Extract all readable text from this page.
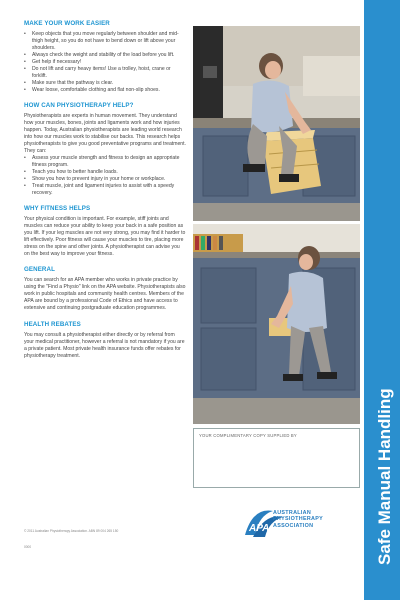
MAKE YOUR WORK EASIER
• Keep objects that you move regularly between shoulder and mid-thigh height, so you do not have to bend down or lift above your shoulders.
• Always check the weight and stability of the load before you lift.
• Get help if necessary!
• Do not lift and carry heavy items! Use a trolley, hoist, crane or forklift.
• Make sure that the pathway is clear.
• Wear loose, comfortable clothing and flat non-slip shoes.
HOW CAN PHYSIOTHERAPY HELP?

Physiotherapists are experts in human movement. They understand how your muscles, bones, joints and ligaments work and how injuries happen. Today, Australian physiotherapists are leading world research into how our muscles work to stabilise our backs. This research helps physiotherapists to give you good preventative programs and treatment. They can:

• Assess your muscle strength and fitness to design an appropriate fitness program.
• Teach you how to better handle loads.
• Show you how to prevent injury in your home or workplace.
• Treat muscle, joint and ligament injuries to assist with a speedy recovery.
WHY FITNESS HELPS

Your physical condition is important. For example, stiff joints and muscles can reduce your ability to keep your back in a safe position as you lift. If your leg muscles are not very strong, you may find it harder to lift effectively. Poor fitness will cause your muscles to tire, placing more stress on the spine and other joints. A physiotherapist can advise you on the best way to improve your fitness.

GENERAL

You can search for an APA member who works in private practice by using the "Find a Physio" link on the APA website. Physiotherapists also work in public hospitals and community health centres. Members of the APA are bound by a professional Code of Ethics and have access to extensive and continuing postgraduate education programmes.

HEALTH REBATES

You may consult a physiotherapist either directly or by referral from your medical practitioner, however a referral is not mandatory if you are a private patient. Most private health insurance funds offer rebates for physiotherapy treatment.

YOUR COMPLIMENTARY COPY SUPPLIED BY
APA
AUSTRALIAN
PHYSIOTHERAPY
ASSOCIATION	Safe Manual Handling
© 2011 Australian Physiotherapy Association. ABN 89 004 265 150
0000
